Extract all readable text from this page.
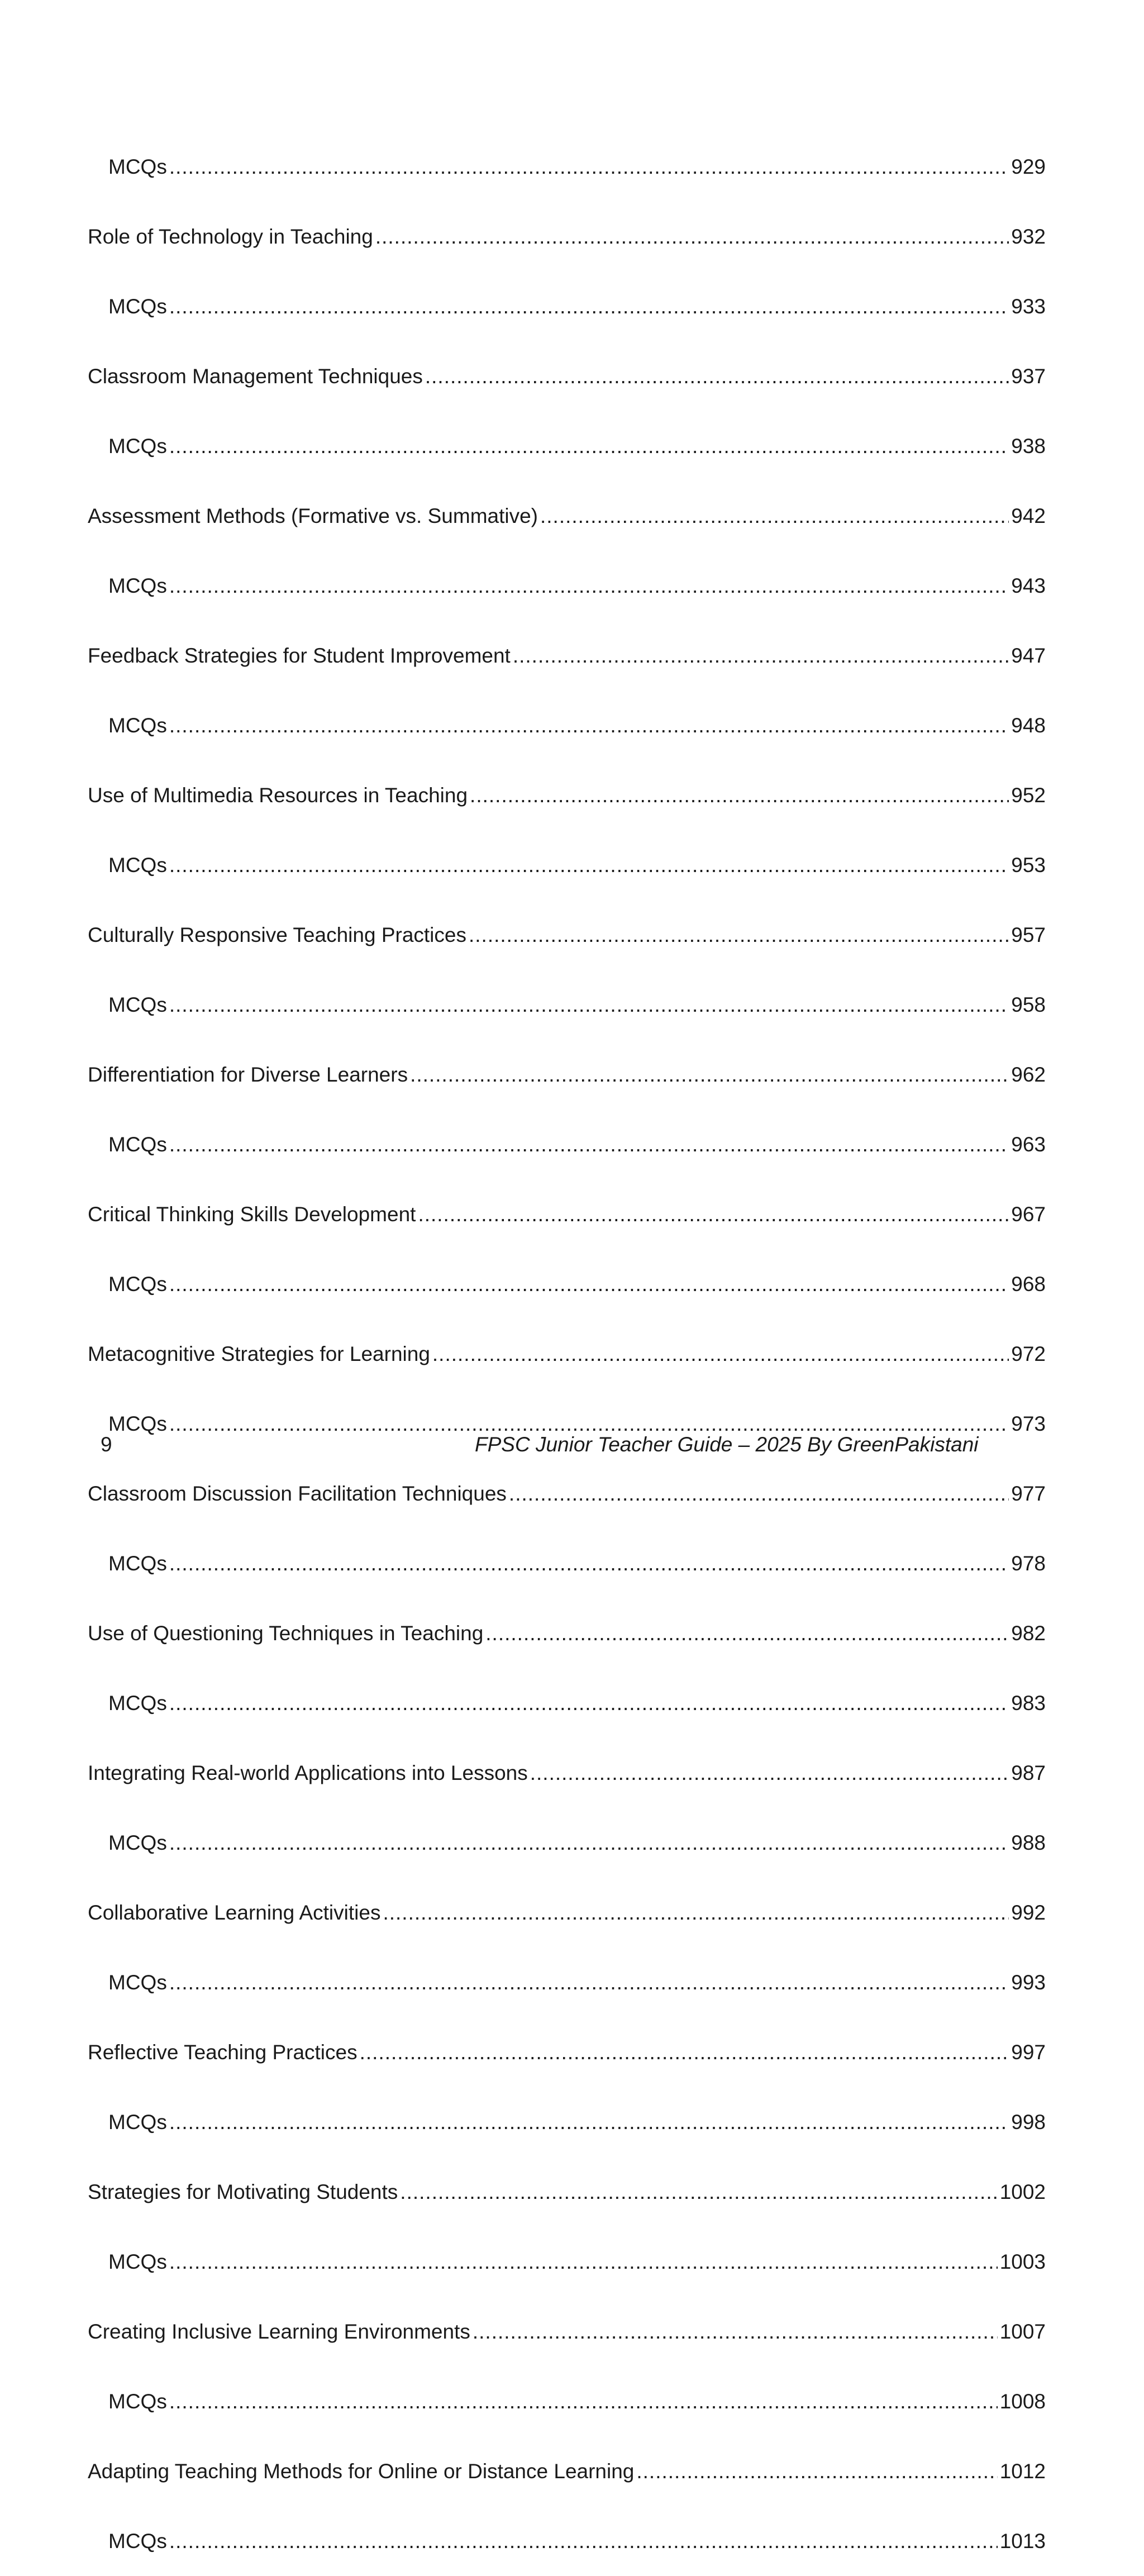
MCQs .....	929
Role of Technology in Teaching .....	932
MCQs .....	933
Classroom Management Techniques .....	937
MCQs .....	938
Assessment Methods (Formative vs. Summative) .....	942
MCQs .....	943
Feedback Strategies for Student Improvement .....	947
MCQs .....	948
Use of Multimedia Resources in Teaching .....	952
MCQs .....	953
Culturally Responsive Teaching Practices .....	957
MCQs .....	958
Differentiation for Diverse Learners .....	962
MCQs .....	963
Critical Thinking Skills Development .....	967
MCQs .....	968
Metacognitive Strategies for Learning .....	972
MCQs .....	973
Classroom Discussion Facilitation Techniques .....	977
MCQs .....	978
Use of Questioning Techniques in Teaching .....	982
MCQs .....	983
Integrating Real-world Applications into Lessons .....	987
MCQs .....	988
Collaborative Learning Activities .....	992
MCQs .....	993
Reflective Teaching Practices .....	997
MCQs .....	998
Strategies for Motivating Students .....	1002
MCQs .....	1003
Creating Inclusive Learning Environments .....	1007
MCQs .....	1008
Adapting Teaching Methods for Online or Distance Learning .....	1012
MCQs .....	1013
9	FPSC Junior Teacher Guide – 2025 By GreenPakistani
